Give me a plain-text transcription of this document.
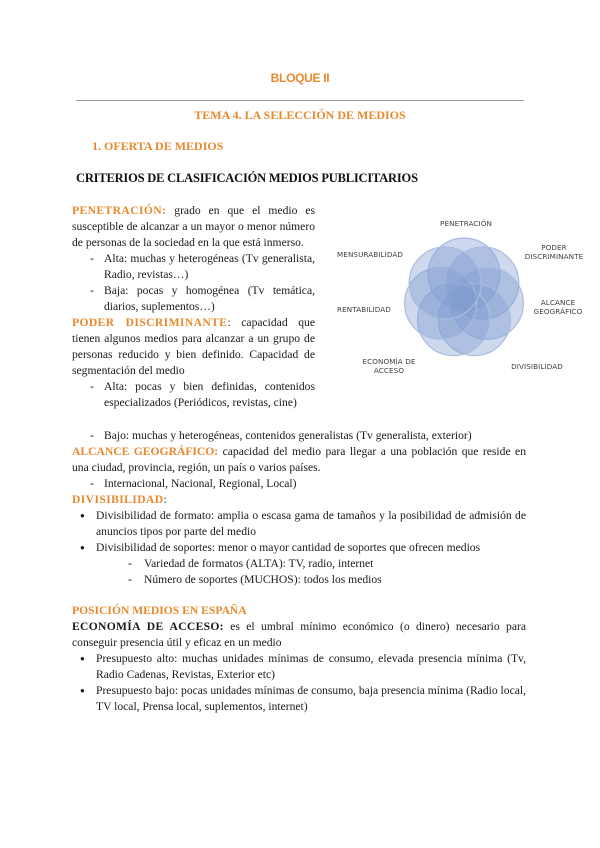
BLOQUE II
TEMA 4. LA SELECCIÓN DE MEDIOS
1. OFERTA DE MEDIOS
CRITERIOS DE CLASIFICACIÓN MEDIOS PUBLICITARIOS

PENETRACIÓN: grado en que el medio es susceptible de alcanzar a un mayor o menor número de personas de la sociedad en la que está inmerso.

- Alta: muchas y heterogéneas (Tv generalista, Radio, revistas…)
- Baja: pocas y homogénea (Tv temática, diarios, suplementos…)

PODER DISCRIMINANTE: capacidad que tienen algunos medios para alcanzar a un grupo de personas reducido y bien definido. Capacidad de segmentación del medio

- Alta: pocas y bien definidas, contenidos especializados (Periódicos, revistas, cine)
- Bajo: muchas y heterogéneas, contenidos generalistas (Tv generalista, exterior)

ALCANCE GEOGRÁFICO: capacidad del medio para llegar a una población que reside en una ciudad, provincia, región, un país o varios países.

- Internacional, Nacional, Regional, Local)

DIVISIBILIDAD:

● Divisibilidad de formato: amplia o escasa gama de tamaños y la posibilidad de admisión de anuncios tipos por parte del medio
● Divisibilidad de soportes: menor o mayor cantidad de soportes que ofrecen medios
- Variedad de formatos (ALTA): TV, radio, internet
- Número de soportes (MUCHOS): todos los medios

POSICIÓN MEDIOS EN ESPAÑA

ECONOMÍA DE ACCESO: es el umbral mínimo económico (o dinero) necesario para conseguir presencia útil y eficaz en un medio

● Presupuesto alto: muchas unidades mínimas de consumo, elevada presencia mínima (Tv, Radio Cadenas, Revistas, Exterior etc)
● Presupuesto bajo: pocas unidades mínimas de consumo, baja presencia mínima (Radio local, TV local, Prensa local, suplementos, internet)
PENETRACIÓN
PODER DISCRIMINANTE
ALCANCE GEOGRÁFICO
DIVISIBILIDAD
ECONOMÍA DE ACCESO
RENTABILIDAD
MENSURABILIDAD
